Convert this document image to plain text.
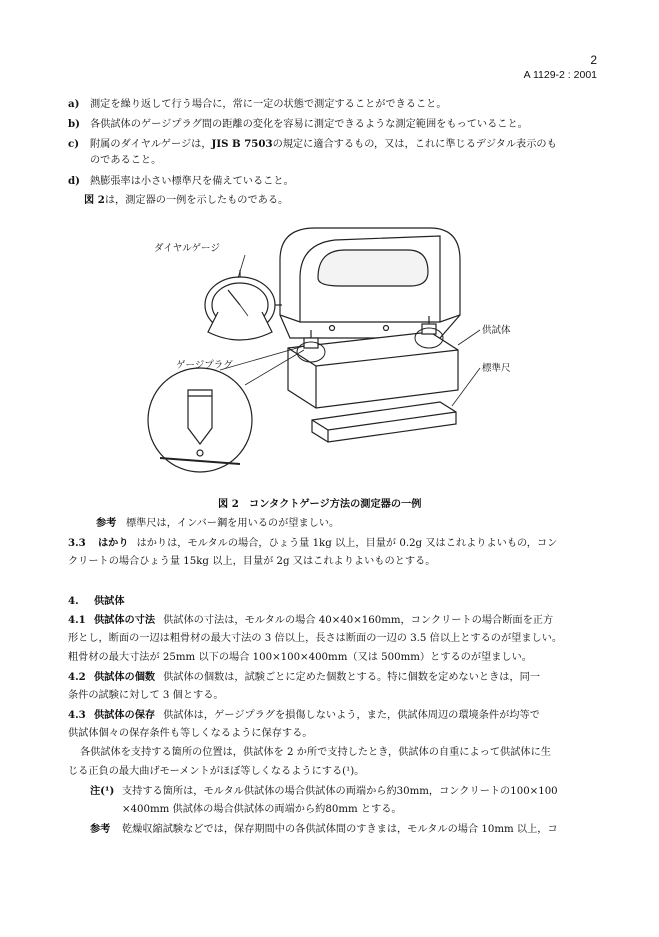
2
A 1129-2 : 2001
a) 測定を繰り返して行う場合に，常に一定の状態で測定することができること。
b) 各供試体のゲージプラグ間の距離の変化を容易に測定できるような測定範囲をもっていること。
c) 附属のダイヤルゲージは，JIS B 7503の規定に適合するもの，又は，これに準じるデジタル表示のも
のであること。
d) 熱膨張率は小さい標準尺を備えていること。
図 2は，測定器の一例を示したものである。
ダイヤルゲージ
ゲージプラグ
供試体
標準尺
図 2　コンタクトゲージ方法の測定器の一例
参考 標準尺は，インバー鋼を用いるのが望ましい。
3.3 はかり はかりは，モルタルの場合，ひょう量 1kg 以上，目量が 0.2g 又はこれよりよいもの，コン
クリートの場合ひょう量 15kg 以上，目量が 2g 又はこれよりよいものとする。
4. 供試体
4.1 供試体の寸法 供試体の寸法は，モルタルの場合 40×40×160mm，コンクリートの場合断面を正方
形とし，断面の一辺は粗骨材の最大寸法の 3 倍以上，長さは断面の一辺の 3.5 倍以上とするのが望ましい。
粗骨材の最大寸法が 25mm 以下の場合 100×100×400mm（又は 500mm）とするのが望ましい。
4.2 供試体の個数 供試体の個数は，試験ごとに定めた個数とする。特に個数を定めないときは，同一
条件の試験に対して 3 個とする。
4.3 供試体の保存 供試体は，ゲージプラグを損傷しないよう，また，供試体周辺の環境条件が均等で
供試体個々の保存条件も等しくなるように保存する。
各供試体を支持する箇所の位置は，供試体を 2 か所で支持したとき，供試体の自重によって供試体に生
じる正負の最大曲げモーメントがほぼ等しくなるようにする(¹)。
注(¹) 支持する箇所は，モルタル供試体の場合供試体の両端から約30mm，コンクリートの100×100
×400mm 供試体の場合供試体の両端から約80mm とする。
参考 乾燥収縮試験などでは，保存期間中の各供試体間のすきまは，モルタルの場合 10mm 以上，コ
